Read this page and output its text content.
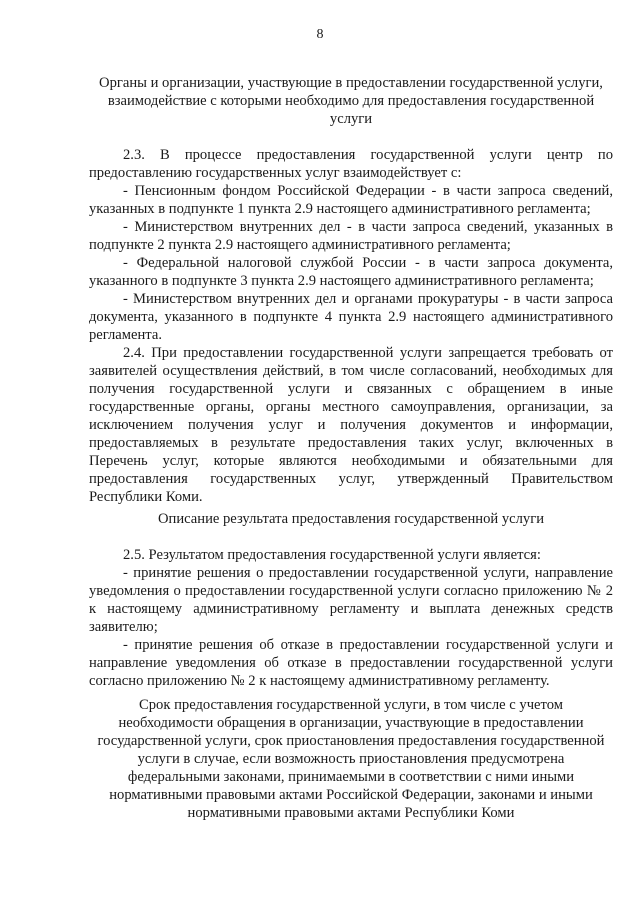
8
Органы и организации, участвующие в предоставлении государственной услуги, взаимодействие с которыми необходимо для предоставления государственной услуги

2.3. В процессе предоставления государственной услуги центр по предоставлению государственных услуг взаимодействует с:

- Пенсионным фондом Российской Федерации - в части запроса сведений, указанных в подпункте 1 пункта 2.9 настоящего административного регламента;

- Министерством внутренних дел - в части запроса сведений, указанных в подпункте 2 пункта 2.9 настоящего административного регламента;

- Федеральной налоговой службой России - в части запроса документа, указанного в подпункте 3 пункта 2.9 настоящего административного регламента;

- Министерством внутренних дел и органами прокуратуры - в части запроса документа, указанного в подпункте 4 пункта 2.9 настоящего административного регламента.

2.4. При предоставлении государственной услуги запрещается требовать от заявителей осуществления действий, в том числе согласований, необходимых для получения государственной услуги и связанных с обращением в иные государственные органы, органы местного самоуправления, организации, за исключением получения услуг и получения документов и информации, предоставляемых в результате предоставления таких услуг, включенных в Перечень услуг, которые являются необходимыми и обязательными для предоставления государственных услуг, утвержденный Правительством Республики Коми.

Описание результата предоставления государственной услуги

2.5. Результатом предоставления государственной услуги является:

- принятие решения о предоставлении государственной услуги, направление уведомления о предоставлении государственной услуги согласно приложению № 2 к настоящему административному регламенту и выплата денежных средств заявителю;

- принятие решения об отказе в предоставлении государственной услуги и направление уведомления об отказе в предоставлении государственной услуги согласно приложению № 2 к настоящему административному регламенту.

Срок предоставления государственной услуги, в том числе с учетом необходимости обращения в организации, участвующие в предоставлении государственной услуги, срок приостановления предоставления государственной услуги в случае, если возможность приостановления предусмотрена федеральными законами, принимаемыми в соответствии с ними иными нормативными правовыми актами Российской Федерации, законами и иными нормативными правовыми актами Республики Коми
